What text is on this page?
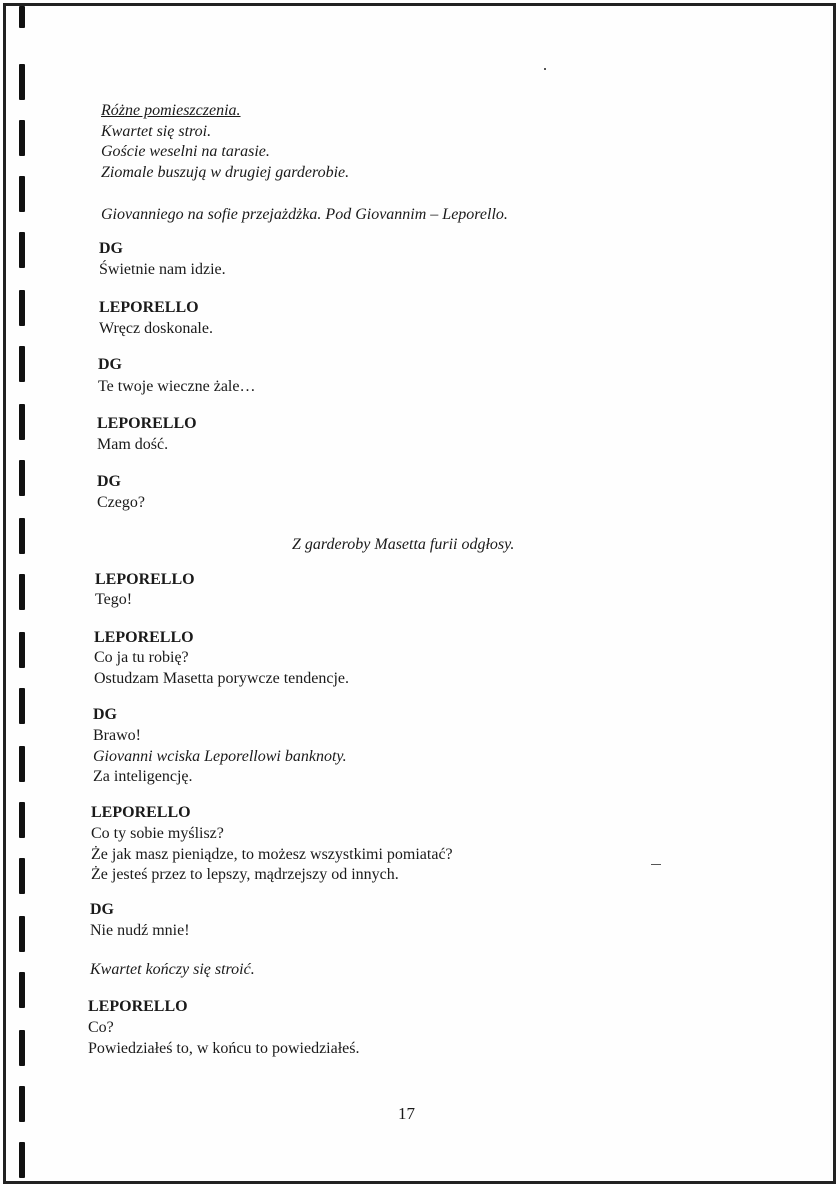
Różne pomieszczenia.
Kwartet się stroi.
Goście weselni na tarasie.
Ziomale buszują w drugiej garderobie.
Giovanniego na sofie przejażdżka. Pod Giovannim – Leporello.
DG
Świetnie nam idzie.
LEPORELLO
Wręcz doskonale.
DG
Te twoje wieczne żale…
LEPORELLO
Mam dość.
DG
Czego?
Z garderoby Masetta furii odgłosy.
LEPORELLO
Tego!
LEPORELLO
Co ja tu robię?
Ostudzam Masetta porywcze tendencje.
DG
Brawo!
Giovanni wciska Leporellowi banknoty.
Za inteligencję.
LEPORELLO
Co ty sobie myślisz?
Że jak masz pieniądze, to możesz wszystkimi pomiatać?
Że jesteś przez to lepszy, mądrzejszy od innych.
DG
Nie nudź mnie!
Kwartet kończy się stroić.
LEPORELLO
Co?
Powiedziałeś to, w końcu to powiedziałeś.
17
